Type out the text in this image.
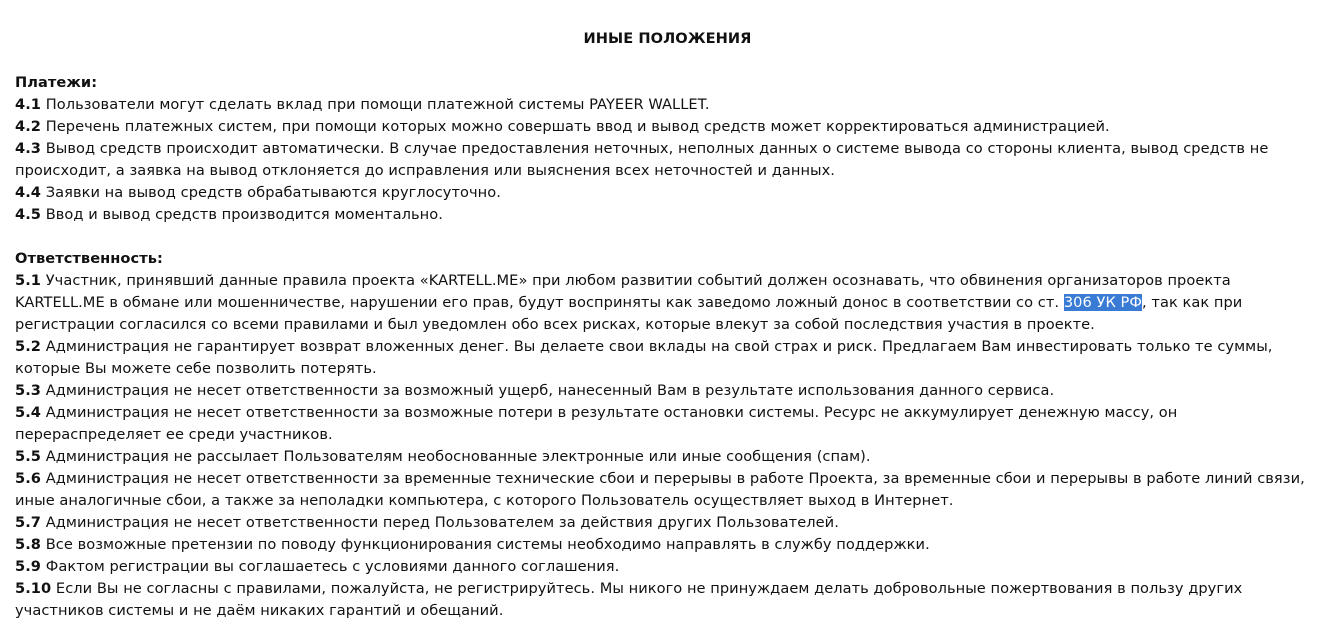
ИНЫЕ ПОЛОЖЕНИЯ

Платежи:

4.1 Пользователи могут сделать вклад при помощи платежной системы PAYEER WALLET.

4.2 Перечень платежных систем, при помощи которых можно совершать ввод и вывод средств может корректироваться администрацией.

4.3 Вывод средств происходит автоматически. В случае предоставления неточных, неполных данных о системе вывода со стороны клиента, вывод средств не происходит, а заявка на вывод отклоняется до исправления или выяснения всех неточностей и данных.

4.4 Заявки на вывод средств обрабатываются круглосуточно.

4.5 Ввод и вывод средств производится моментально.

Ответственность:

5.1 Участник, принявший данные правила проекта «KARTELL.ME» при любом развитии событий должен осознавать, что обвинения организаторов проекта KARTELL.ME в обмане или мошенничестве, нарушении его прав, будут восприняты как заведомо ложный донос в соответствии со ст. 306 УК РФ, так как при регистрации согласился со всеми правилами и был уведомлен обо всех рисках, которые влекут за собой последствия участия в проекте.

5.2 Администрация не гарантирует возврат вложенных денег. Вы делаете свои вклады на свой страх и риск. Предлагаем Вам инвестировать только те суммы, которые Вы можете себе позволить потерять.

5.3 Администрация не несет ответственности за возможный ущерб, нанесенный Вам в результате использования данного сервиса.

5.4 Администрация не несет ответственности за возможные потери в результате остановки системы. Ресурс не аккумулирует денежную массу, он перераспределяет ее среди участников.

5.5 Администрация не рассылает Пользователям необоснованные электронные или иные сообщения (спам).

5.6 Администрация не несет ответственности за временные технические сбои и перерывы в работе Проекта, за временные сбои и перерывы в работе линий связи, иные аналогичные сбои, а также за неполадки компьютера, с которого Пользователь осуществляет выход в Интернет.

5.7 Администрация не несет ответственности перед Пользователем за действия других Пользователей.

5.8 Все возможные претензии по поводу функционирования системы необходимо направлять в службу поддержки.

5.9 Фактом регистрации вы соглашаетесь с условиями данного соглашения.

5.10 Если Вы не согласны с правилами, пожалуйста, не регистрируйтесь. Мы никого не принуждаем делать добровольные пожертвования в пользу других участников системы и не даём никаких гарантий и обещаний.
